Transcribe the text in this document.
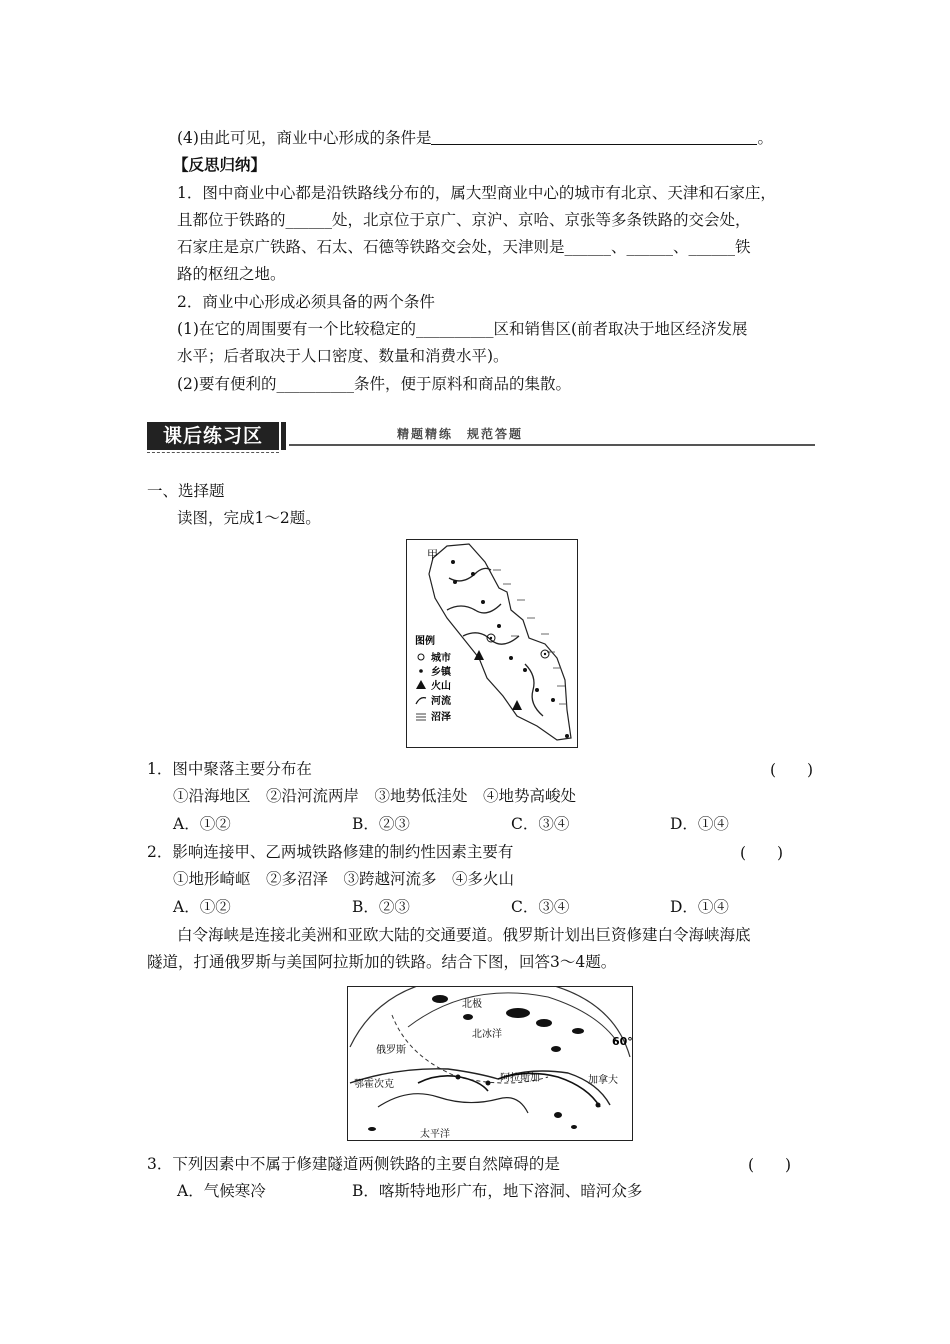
(4)由此可见，商业中心形成的条件是	。
【反思归纳】
1．图中商业中心都是沿铁路线分布的，属大型商业中心的城市有北京、天津和石家庄，
且都位于铁路的______处，北京位于京广、京沪、京哈、京张等多条铁路的交会处，
石家庄是京广铁路、石太、石德等铁路交会处，天津则是______、______、______铁
路的枢纽之地。
2．商业中心形成必须具备的两个条件
(1)在它的周围要有一个比较稳定的__________区和销售区(前者取决于地区经济发展
水平；后者取决于人口密度、数量和消费水平)。
(2)要有便利的__________条件，便于原料和商品的集散。
课后练习区	精题精练　规范答题
一、选择题
读图，完成1～2题。
甲
图例
城市
乡镇
火山
河流
沼泽
1．图中聚落主要分布在	(　　)
①沿海地区　②沿河流两岸　③地势低洼处　④地势高峻处
A．①②	B．②③	C．③④	D．①④
2．影响连接甲、乙两城铁路修建的制约性因素主要有	(　　)
①地形崎岖　②多沼泽　③跨越河流多　④多火山
A．①②	B．②③	C．③④	D．①④
白令海峡是连接北美洲和亚欧大陆的交通要道。俄罗斯计划出巨资修建白令海峡海底
隧道，打通俄罗斯与美国阿拉斯加的铁路。结合下图，回答3～4题。
北极
北冰洋
俄罗斯
鄂霍次克
阿拉斯加	加拿大
太平洋
60°
3．下列因素中不属于修建隧道两侧铁路的主要自然障碍的是	(　　)
A．气候寒冷	B．喀斯特地形广布，地下溶洞、暗河众多
